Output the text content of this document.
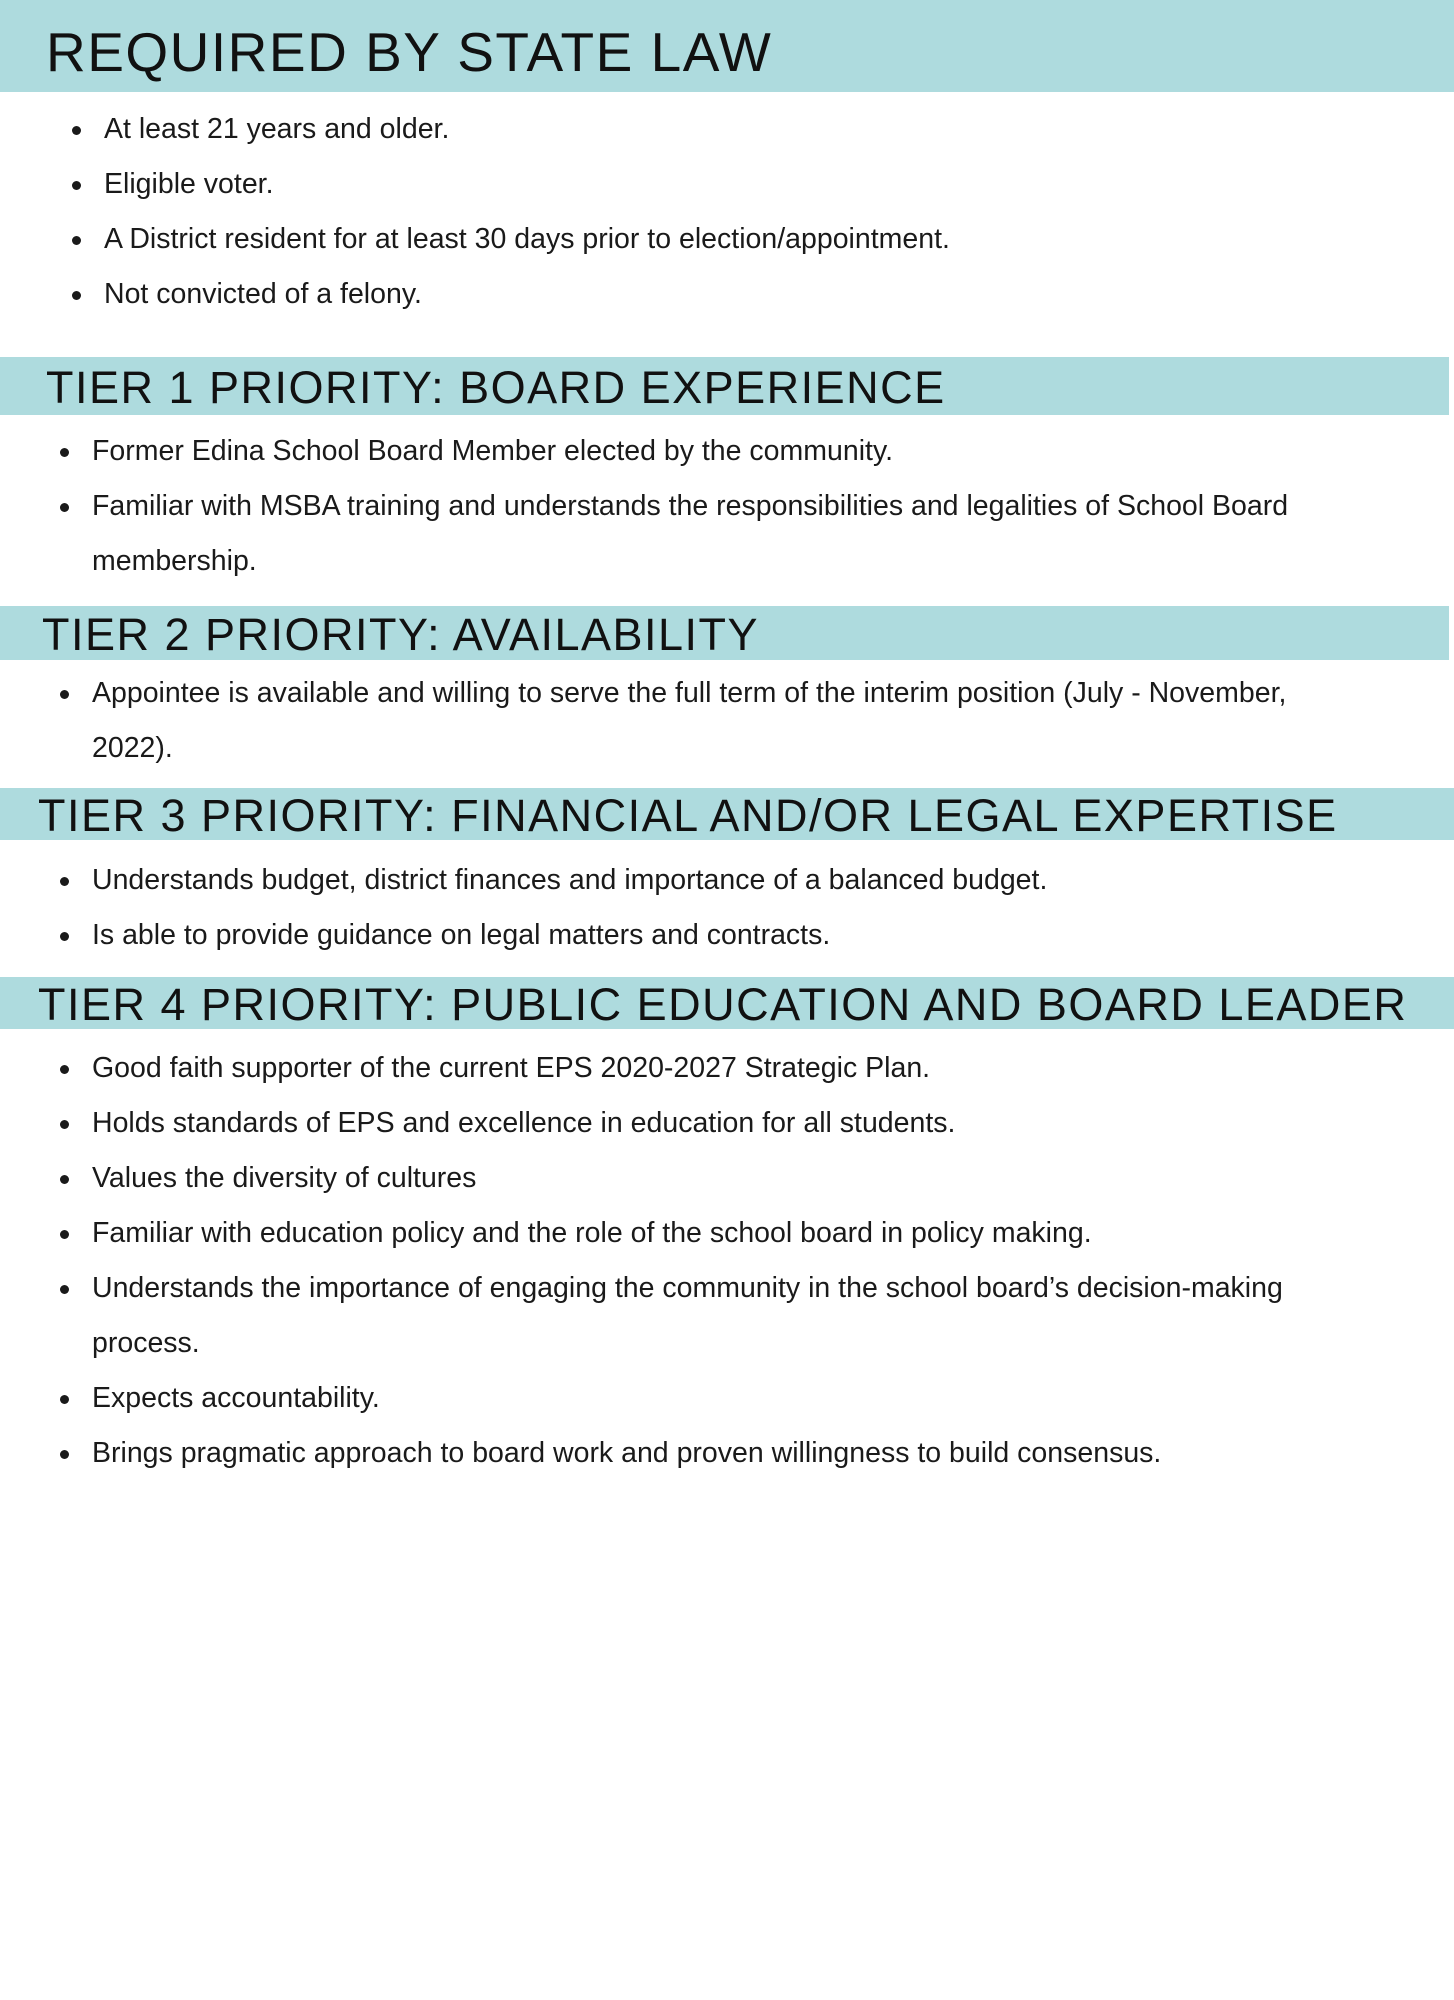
REQUIRED BY STATE LAW
At least 21 years and older.
Eligible voter.
A District resident for at least 30 days prior to election/appointment.
Not convicted of a felony.
TIER 1 PRIORITY: BOARD EXPERIENCE
Former Edina School Board Member elected by the community.
Familiar with MSBA training and understands the responsibilities and legalities of School Board membership.
TIER 2 PRIORITY: AVAILABILITY
Appointee is available and willing to serve the full term of the interim position (July - November, 2022).
TIER 3 PRIORITY: FINANCIAL AND/OR LEGAL EXPERTISE
Understands budget, district finances and importance of a balanced budget.
Is able to provide guidance on legal matters and contracts.
TIER 4 PRIORITY: PUBLIC EDUCATION AND BOARD LEADER
Good faith supporter of the current EPS 2020-2027 Strategic Plan.
Holds standards of EPS and excellence in education for all students.
Values the diversity of cultures
Familiar with education policy and the role of the school board in policy making.
Understands the importance of engaging the community in the school board’s decision-making process.
Expects accountability.
Brings pragmatic approach to board work and proven willingness to build consensus.
